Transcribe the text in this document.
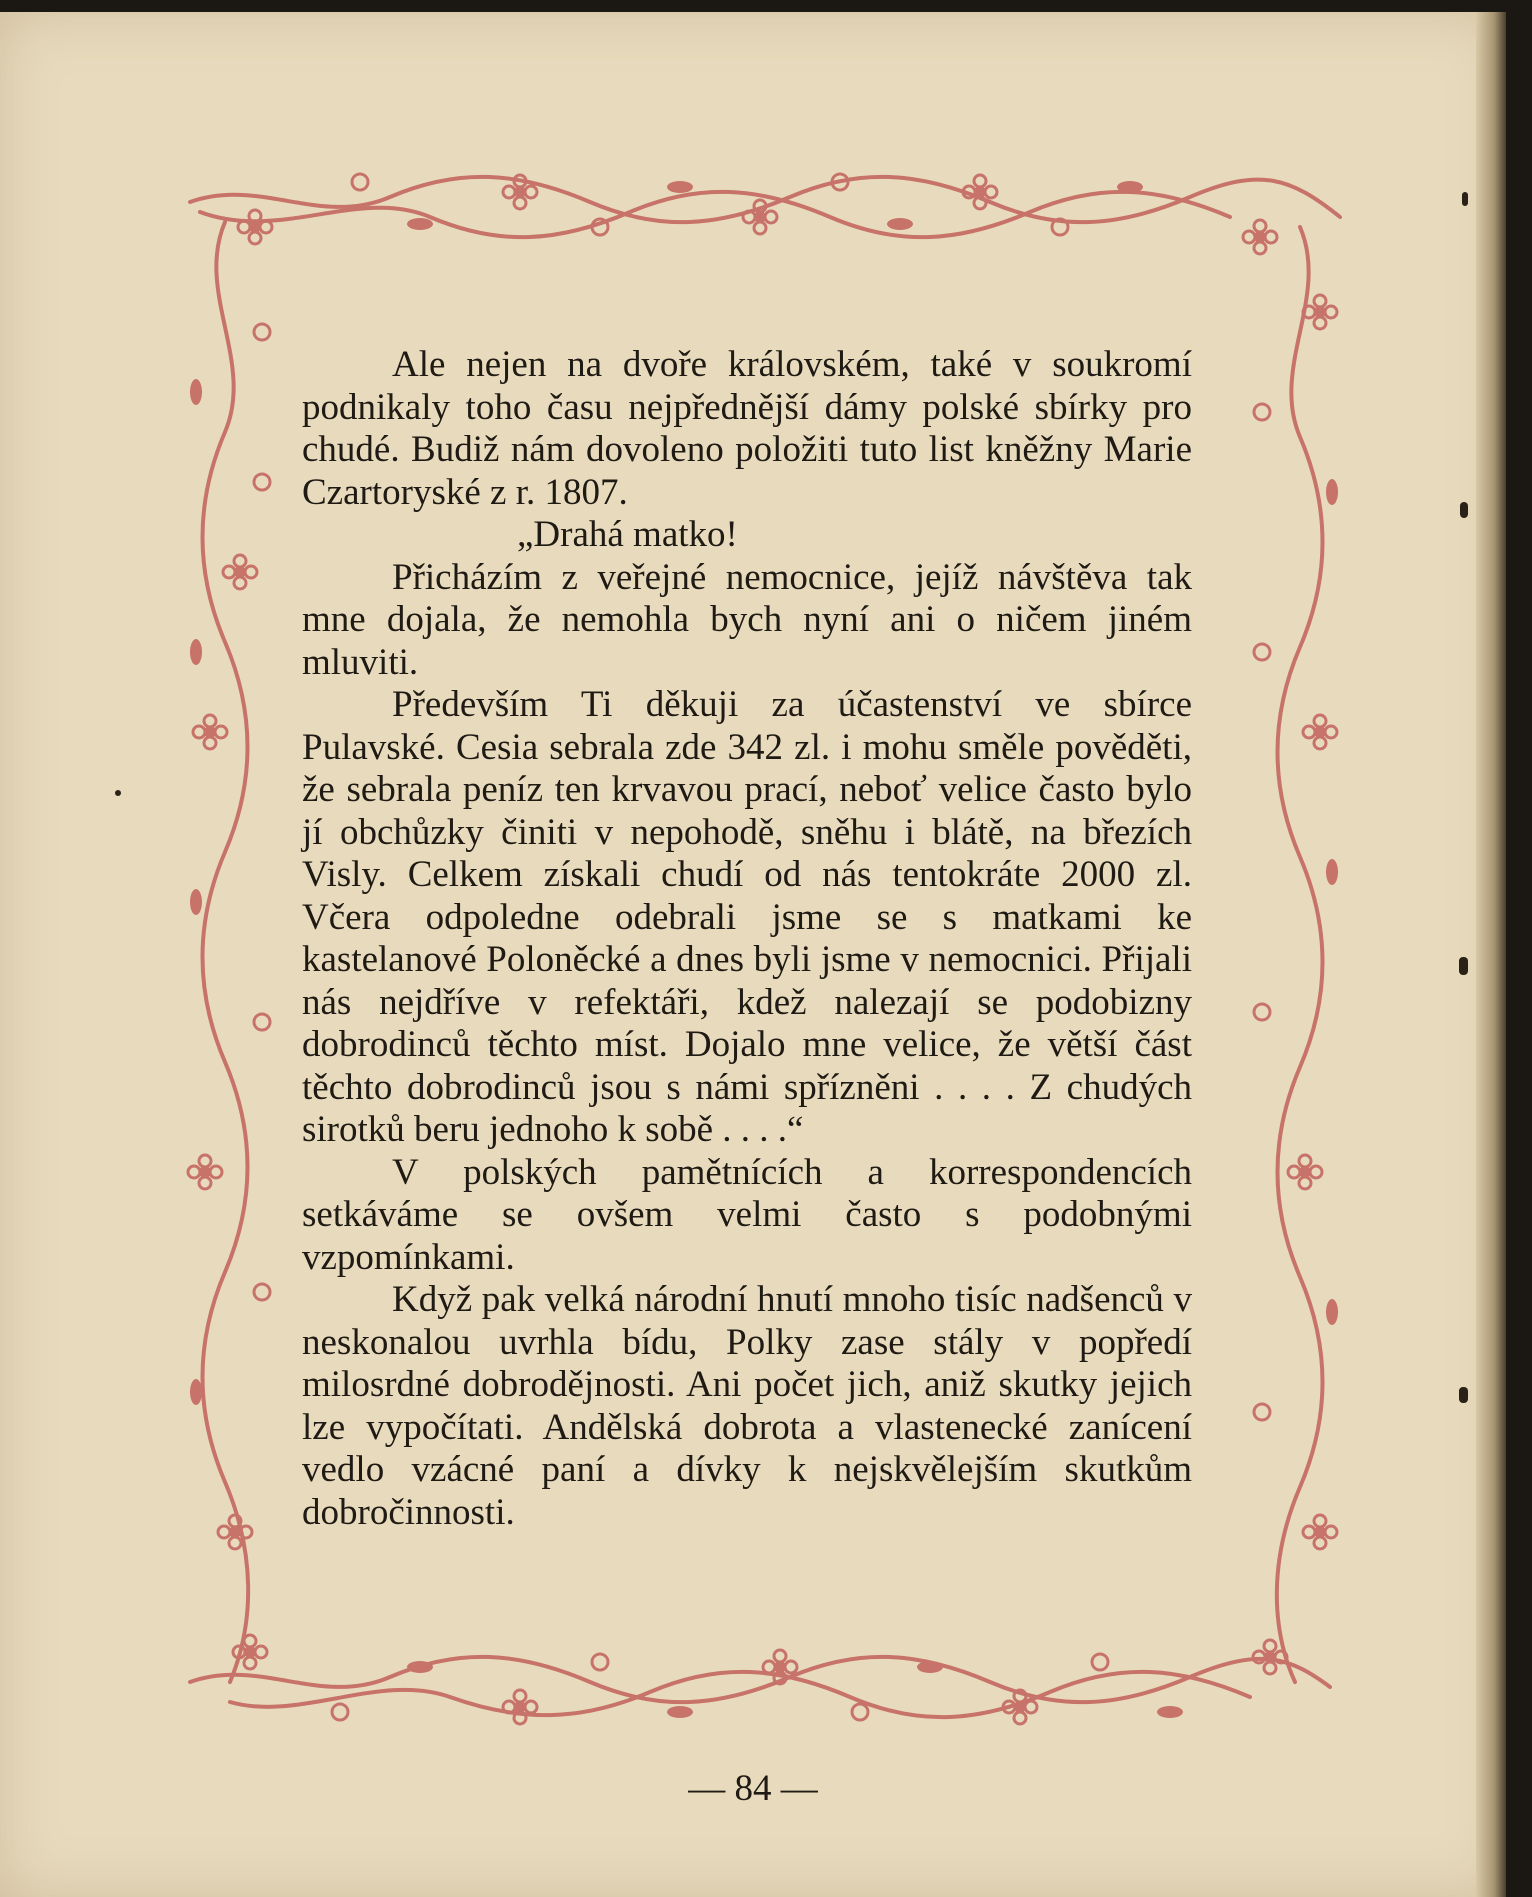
Ale nejen na dvoře královském, také v soukromí podnikaly toho času nejpřednější dámy polské sbírky pro chudé. Budiž nám dovoleno položiti tuto list kněžny Marie Czartoryské z r. 1807.

„Drahá matko!

Přicházím z veřejné nemocnice, jejíž návštěva tak mne dojala, že nemohla bych nyní ani o ničem jiném mluviti.

Především Ti děkuji za účastenství ve sbírce Pulavské. Cesia sebrala zde 342 zl. i mohu směle pověděti, že sebrala peníz ten krvavou prací, neboť velice často bylo jí obchůzky činiti v nepohodě, sněhu i blátě, na březích Visly. Celkem získali chudí od nás tentokráte 2000 zl. Včera odpoledne odebrali jsme se s matkami ke kastelanové Poloněcké a dnes byli jsme v nemocnici. Přijali nás nejdříve v refektáři, kdež nalezají se podobizny dobrodinců těchto míst. Dojalo mne velice, že větší část těchto dobrodinců jsou s námi spřízněni . . . . Z chudých sirotků beru jednoho k sobě . . . .“

V polských pamětnících a korrespondencích setkáváme se ovšem velmi často s podobnými vzpomínkami.

Když pak velká národní hnutí mnoho tisíc nadšenců v neskonalou uvrhla bídu, Polky zase stály v popředí milosrdné dobrodějnosti. Ani počet jich, aniž skutky jejich lze vypočítati. Andělská dobrota a vlastenecké zanícení vedlo vzácné paní a dívky k nejskvělejším skutkům dobročinnosti.

— 84 —
